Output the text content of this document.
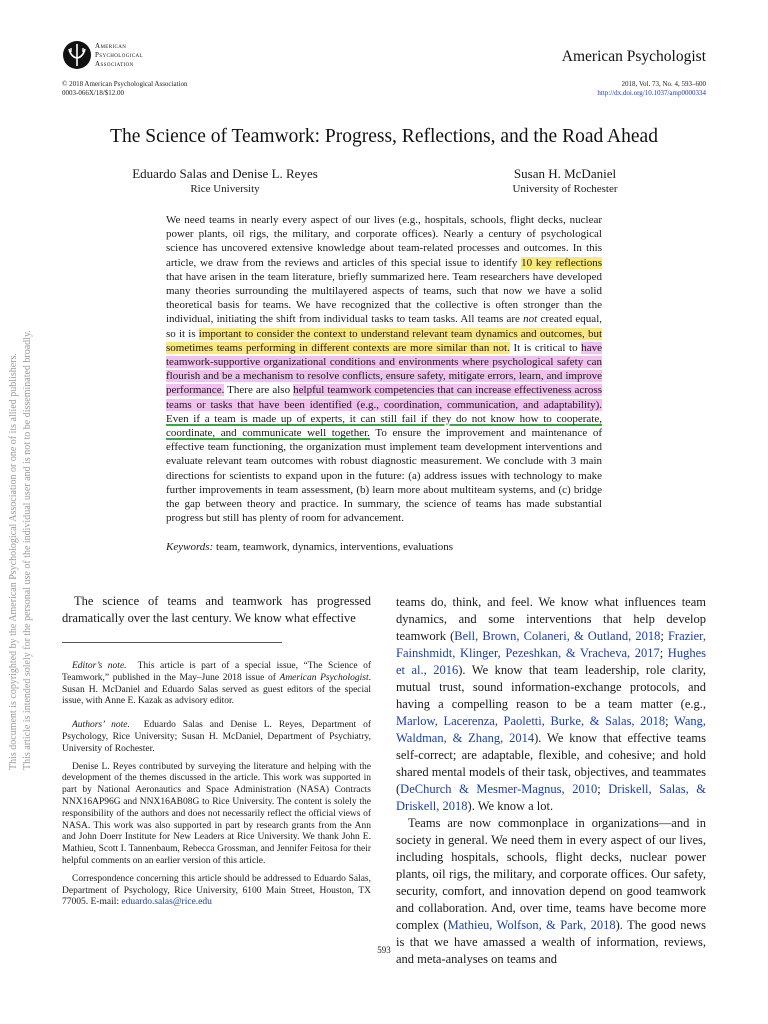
This document is copyrighted by the American Psychological Association or one of its allied publishers. This article is intended solely for the personal use of the individual user and is not to be disseminated broadly.
American
Psychological
Association	American Psychologist
© 2018 American Psychological Association
0003-066X/18/$12.00
2018, Vol. 73, No. 4, 593–600
http://dx.doi.org/10.1037/amp0000334
The Science of Teamwork: Progress, Reflections, and the Road Ahead
Eduardo Salas and Denise L. Reyes
Rice University
Susan H. McDaniel
University of Rochester
We need teams in nearly every aspect of our lives (e.g., hospitals, schools, flight decks, nuclear power plants, oil rigs, the military, and corporate offices). Nearly a century of psychological science has uncovered extensive knowledge about team-related processes and outcomes. In this article, we draw from the reviews and articles of this special issue to identify 10 key reflections that have arisen in the team literature, briefly summarized here. Team researchers have developed many theories surrounding the multilayered aspects of teams, such that now we have a solid theoretical basis for teams. We have recognized that the collective is often stronger than the individual, initiating the shift from individual tasks to team tasks. All teams are not created equal, so it is important to consider the context to understand relevant team dynamics and outcomes, but sometimes teams performing in different contexts are more similar than not. It is critical to have teamwork-supportive organizational conditions and environments where psychological safety can flourish and be a mechanism to resolve conflicts, ensure safety, mitigate errors, learn, and improve performance. There are also helpful teamwork competencies that can increase effectiveness across teams or tasks that have been identified (e.g., coordination, communication, and adaptability). Even if a team is made up of experts, it can still fail if they do not know how to cooperate, coordinate, and communicate well together. To ensure the improvement and maintenance of effective team functioning, the organization must implement team development interventions and evaluate relevant team outcomes with robust diagnostic measurement. We conclude with 3 main directions for scientists to expand upon in the future: (a) address issues with technology to make further improvements in team assessment, (b) learn more about multiteam systems, and (c) bridge the gap between theory and practice. In summary, the science of teams has made substantial progress but still has plenty of room for advancement.
Keywords: team, teamwork, dynamics, interventions, evaluations

The science of teams and teamwork has progressed dramatically over the last century. We know what effective

Editor’s note. This article is part of a special issue, “The Science of Teamwork,” published in the May–June 2018 issue of American Psychologist. Susan H. McDaniel and Eduardo Salas served as guest editors of the special issue, with Anne E. Kazak as advisory editor.

Authors’ note. Eduardo Salas and Denise L. Reyes, Department of Psychology, Rice University; Susan H. McDaniel, Department of Psychiatry, University of Rochester.

Denise L. Reyes contributed by surveying the literature and helping with the development of the themes discussed in the article. This work was supported in part by National Aeronautics and Space Administration (NASA) Contracts NNX16AP96G and NNX16AB08G to Rice University. The content is solely the responsibility of the authors and does not necessarily reflect the official views of NASA. This work was also supported in part by research grants from the Ann and John Doerr Institute for New Leaders at Rice University. We thank John E. Mathieu, Scott I. Tannenbaum, Rebecca Grossman, and Jennifer Feitosa for their helpful comments on an earlier version of this article.

Correspondence concerning this article should be addressed to Eduardo Salas, Department of Psychology, Rice University, 6100 Main Street, Houston, TX 77005. E-mail: eduardo.salas@rice.edu

teams do, think, and feel. We know what influences team dynamics, and some interventions that help develop teamwork (Bell, Brown, Colaneri, & Outland, 2018; Frazier, Fainshmidt, Klinger, Pezeshkan, & Vracheva, 2017; Hughes et al., 2016). We know that team leadership, role clarity, mutual trust, sound information-exchange protocols, and having a compelling reason to be a team matter (e.g., Marlow, Lacerenza, Paoletti, Burke, & Salas, 2018; Wang, Waldman, & Zhang, 2014). We know that effective teams self-correct; are adaptable, flexible, and cohesive; and hold shared mental models of their task, objectives, and teammates (DeChurch & Mesmer-Magnus, 2010; Driskell, Salas, & Driskell, 2018). We know a lot.

Teams are now commonplace in organizations—and in society in general. We need them in every aspect of our lives, including hospitals, schools, flight decks, nuclear power plants, oil rigs, the military, and corporate offices. Our safety, security, comfort, and innovation depend on good teamwork and collaboration. And, over time, teams have become more complex (Mathieu, Wolfson, & Park, 2018). The good news is that we have amassed a wealth of information, reviews, and meta-analyses on teams and

593
